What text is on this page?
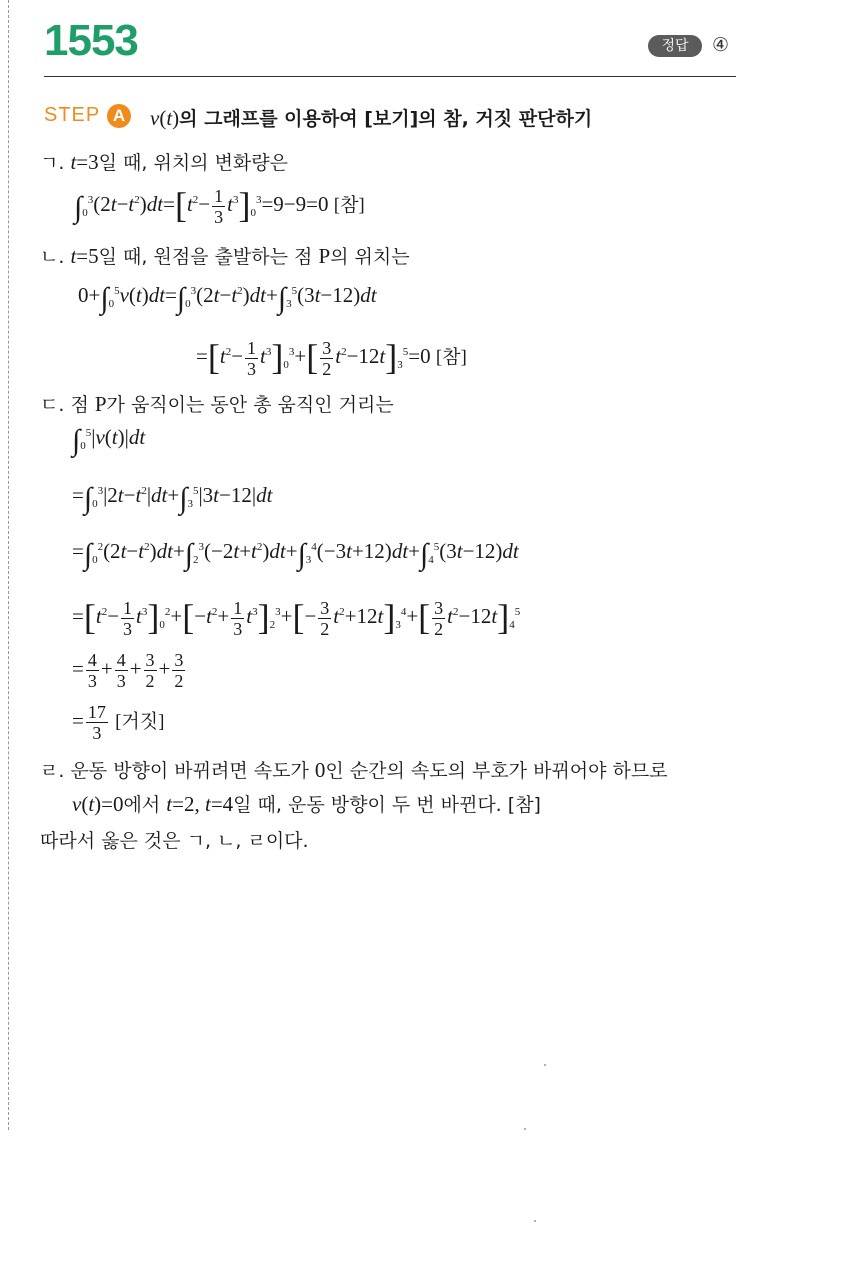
1553	정답	④
STEP A v(t)의 그래프를 이용하여 [보기]의 참, 거짓 판단하기
ㄱ. t=3일 때, 위치의 변화량은
$\int_0^3(2t-t^2)dt=[t^2- \frac{1}{3} t^3]_0^3=9-9=0$ [참]
ㄴ. t=5일 때, 원점을 출발하는 점 P의 위치는
$0+\int_0^5v(t)dt=\int_0^3(2t-t^2)dt+\int_3^5(3t-12)dt$
$=[t^2- \frac{1}{3} t^3]_0^3+[ \frac{3}{2} t^2-12t]_3^5=0$ [참]
ㄷ. 점 P가 움직이는 동안 총 움직인 거리는
$\int_0^5|v(t)|dt$
$=\int_0^3|2t-t^2|dt+\int_3^5|3t-12|dt$
$=\int_0^2(2t-t^2)dt+\int_2^3(-2t+t^2)dt+\int_3^4(-3t+12)dt+\int_4^5(3t-12)dt$
$=[t^2- \frac{1}{3} t^3]_0^2+[-t^2+ \frac{1}{3} t^3]_2^3+[- \frac{3}{2} t^2+12t]_3^4+[ \frac{3}{2} t^2-12t]_4^5$
= $\frac{4}{3} + \frac{4}{3} + \frac{3}{2} + \frac{3}{2}$
= $\frac{17}{3}$ [거짓]
ㄹ. 운동 방향이 바뀌려면 속도가 0인 순간의 속도의 부호가 바뀌어야 하므로
v(t)=0에서 t=2, t=4일 때, 운동 방향이 두 번 바뀐다. [참]
따라서 옳은 것은 ㄱ, ㄴ, ㄹ이다.
